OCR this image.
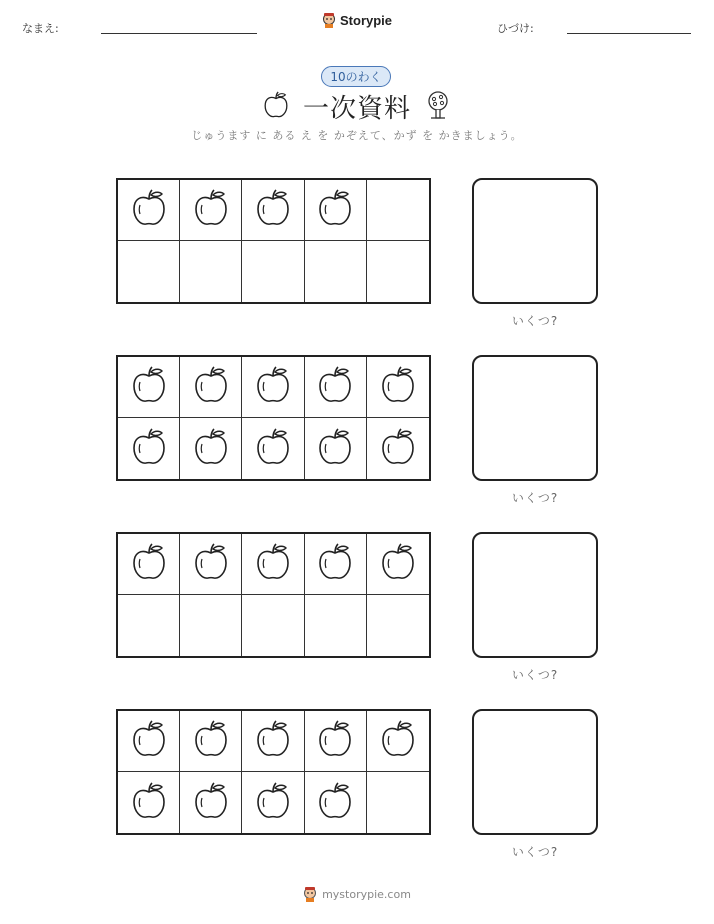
なまえ:
Storypie
ひづけ:
10のわく
一次資料
じゅうます に ある え を かぞえて、かず を かきましょう。
いくつ?
いくつ?
いくつ?
いくつ?
mystorypie.com
